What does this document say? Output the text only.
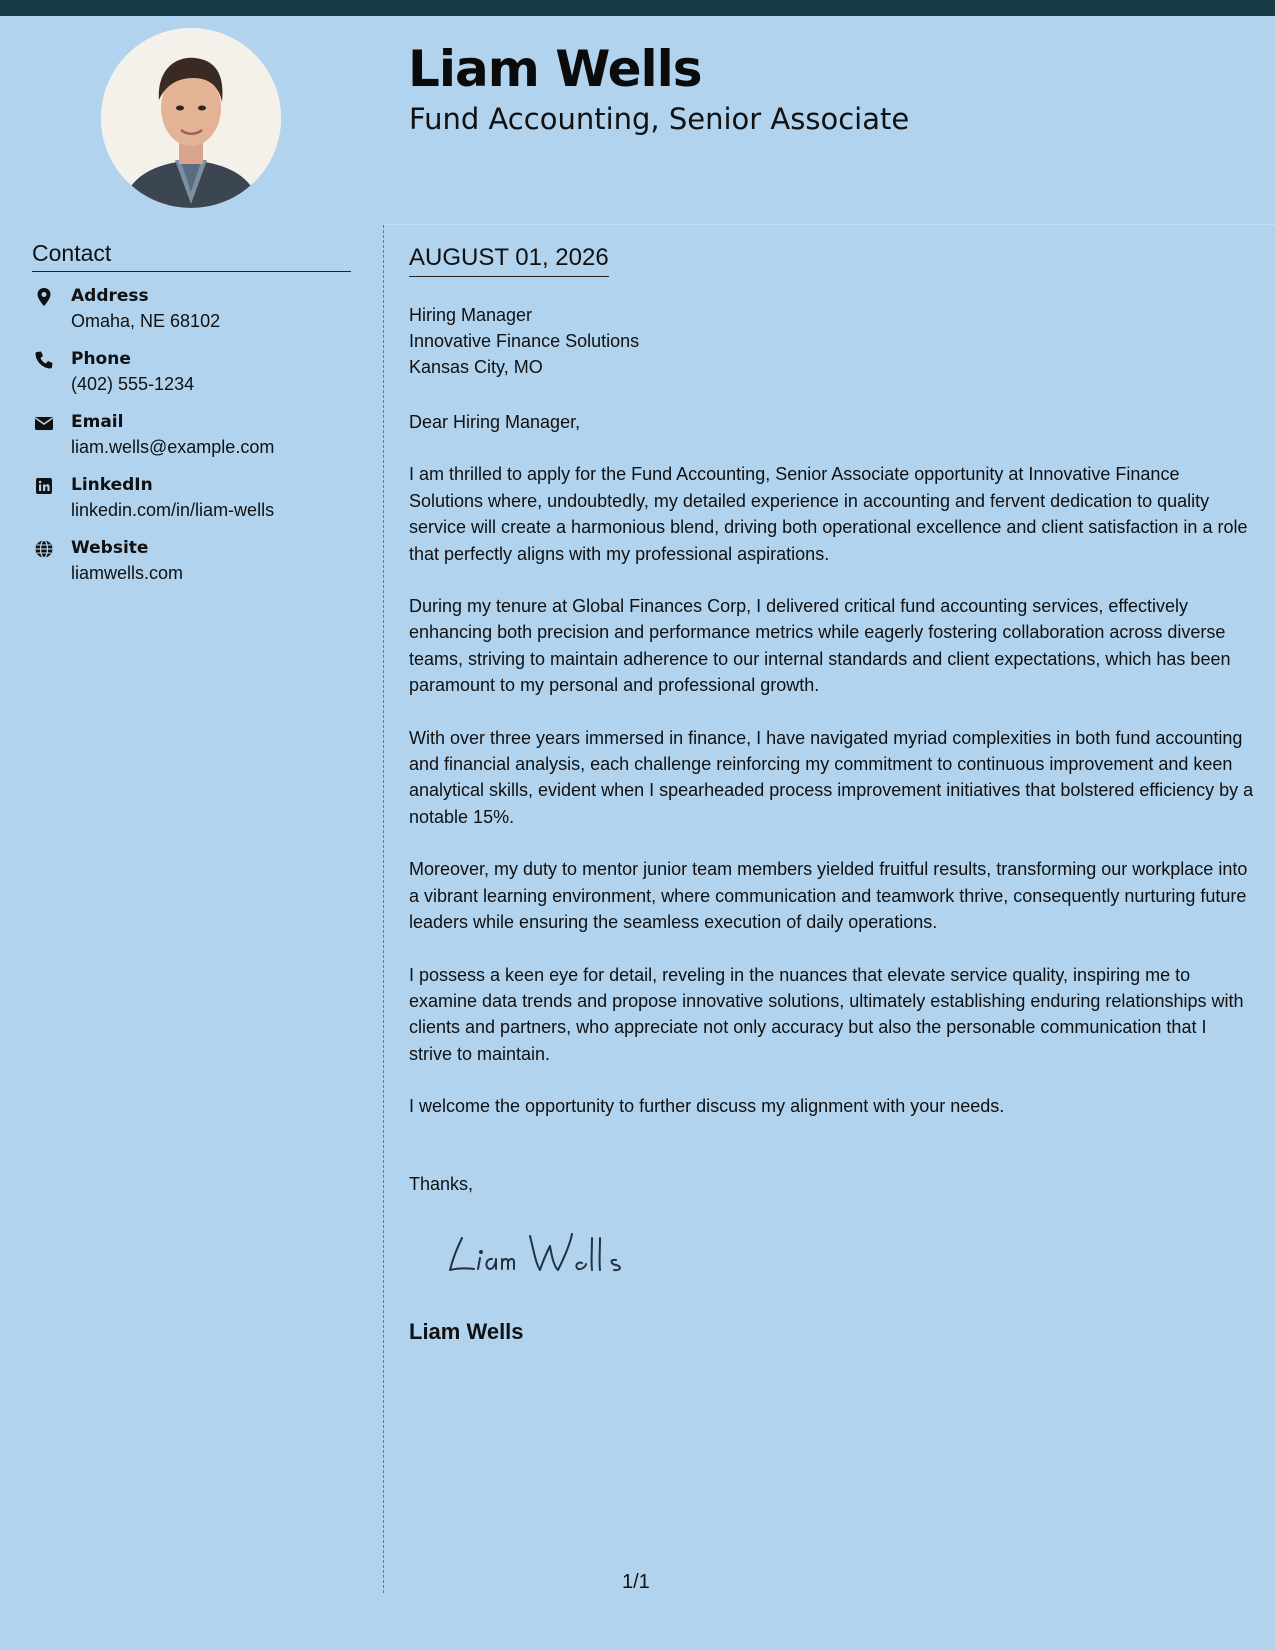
Liam Wells
Fund Accounting, Senior Associate
Contact
Address
Omaha, NE 68102
Phone
(402) 555-1234
Email
liam.wells@example.com
LinkedIn
linkedin.com/in/liam-wells
Website
liamwells.com
AUGUST 01, 2026
Hiring Manager
Innovative Finance Solutions
Kansas City, MO
Dear Hiring Manager,

I am thrilled to apply for the Fund Accounting, Senior Associate opportunity at Innovative Finance Solutions where, undoubtedly, my detailed experience in accounting and fervent dedication to quality service will create a harmonious blend, driving both operational excellence and client satisfaction in a role that perfectly aligns with my professional aspirations.

During my tenure at Global Finances Corp, I delivered critical fund accounting services, effectively enhancing both precision and performance metrics while eagerly fostering collaboration across diverse teams, striving to maintain adherence to our internal standards and client expectations, which has been paramount to my personal and professional growth.

With over three years immersed in finance, I have navigated myriad complexities in both fund accounting and financial analysis, each challenge reinforcing my commitment to continuous improvement and keen analytical skills, evident when I spearheaded process improvement initiatives that bolstered efficiency by a notable 15%.

Moreover, my duty to mentor junior team members yielded fruitful results, transforming our workplace into a vibrant learning environment, where communication and teamwork thrive, consequently nurturing future leaders while ensuring the seamless execution of daily operations.

I possess a keen eye for detail, reveling in the nuances that elevate service quality, inspiring me to examine data trends and propose innovative solutions, ultimately establishing enduring relationships with clients and partners, who appreciate not only accuracy but also the personable communication that I strive to maintain.

I welcome the opportunity to further discuss my alignment with your needs.

Thanks,
Liam Wells
1/1
